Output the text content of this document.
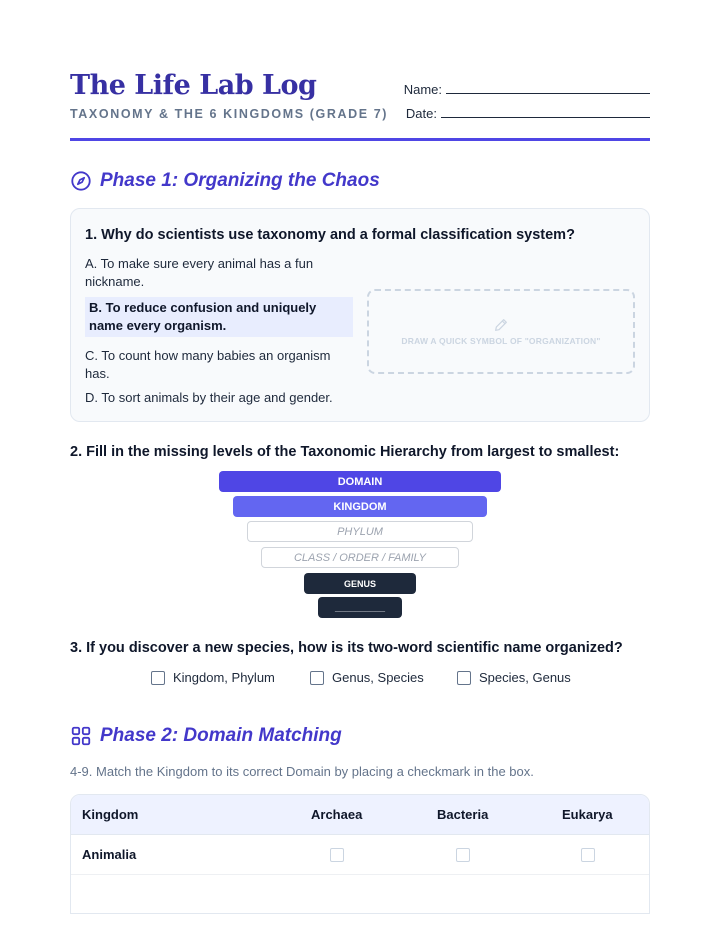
The Life Lab Log
TAXONOMY & THE 6 KINGDOMS (GRADE 7)
Name:
Date:
Phase 1: Organizing the Chaos
1. Why do scientists use taxonomy and a formal classification system?
A. To make sure every animal has a fun nickname.
B. To reduce confusion and uniquely name every organism.
C. To count how many babies an organism has.
D. To sort animals by their age and gender.
DRAW A QUICK SYMBOL OF "ORGANIZATION"
2. Fill in the missing levels of the Taxonomic Hierarchy from largest to smallest:
DOMAIN
KINGDOM
PHYLUM
CLASS / ORDER / FAMILY
GENUS
__________
3. If you discover a new species, how is its two-word scientific name organized?
Kingdom, Phylum	Genus, Species	Species, Genus
Phase 2: Domain Matching
4-9. Match the Kingdom to its correct Domain by placing a checkmark in the box.
Kingdom	Archaea	Bacteria	Eukarya
Animalia
